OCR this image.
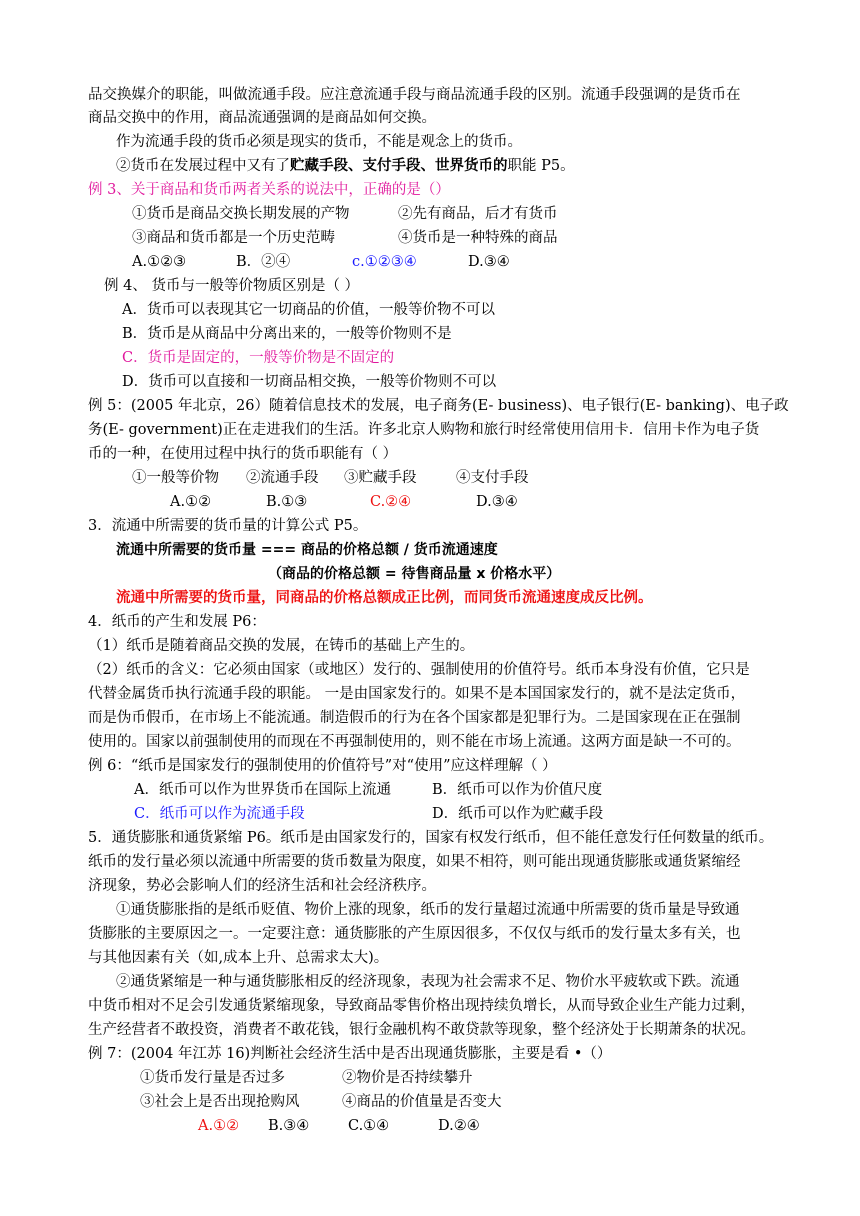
品交换媒介的职能，叫做流通手段。应注意流通手段与商品流通手段的区别。流通手段强调的是货币在
商品交换中的作用，商品流通强调的是商品如何交换。
作为流通手段的货币必须是现实的货币，不能是观念上的货币。
②货币在发展过程中又有了贮藏手段、支付手段、世界货币的职能 P5。
例 3、关于商品和货币两者关系的说法中，正确的是（）
①货币是商品交换长期发展的产物	②先有商品，后才有货币
③商品和货币都是一个历史范畴	④货币是一种特殊的商品
A.①②③	B．②④	c.①②③④	D.③④
例 4、 货币与一般等价物质区别是（ ）
A．货币可以表现其它一切商品的价值，一般等价物不可以
B．货币是从商品中分离出来的，一般等价物则不是
C．货币是固定的，一般等价物是不固定的
D．货币可以直接和一切商品相交换，一般等价物则不可以
例 5：(2005 年北京，26）随着信息技术的发展，电子商务(E- business)、电子银行(E- banking)、电子政
务(E- government)正在走进我们的生活。许多北京人购物和旅行时经常使用信用卡．信用卡作为电子货
币的一种，在使用过程中执行的货币职能有（ ）
①一般等价物 ②流通手段 ③贮藏手段	④支付手段
A.①②	B.①③	C.②④	D.③④
3．流通中所需要的货币量的计算公式 P5。
流通中所需要的货币量 === 商品的价格总额 / 货币流通速度
（商品的价格总额 = 待售商品量 x 价格水平）
流通中所需要的货币量，同商品的价格总额成正比例，而同货币流通速度成反比例。
4．纸币的产生和发展 P6：
（1）纸币是随着商品交换的发展，在铸币的基础上产生的。
（2）纸币的含义：它必须由国家（或地区）发行的、强制使用的价值符号。纸币本身没有价值，它只是
代替金属货币执行流通手段的职能。 一是由国家发行的。如果不是本国国家发行的，就不是法定货币，
而是伪币假币，在市场上不能流通。制造假币的行为在各个国家都是犯罪行为。二是国家现在正在强制
使用的。国家以前强制使用的而现在不再强制使用的，则不能在市场上流通。这两方面是缺一不可的。
例 6：“纸币是国家发行的强制使用的价值符号”对“使用”应这样理解（ ）
A．纸币可以作为世界货币在国际上流通	B．纸币可以作为价值尺度
C．纸币可以作为流通手段	D．纸币可以作为贮藏手段
5．通货膨胀和通货紧缩 P6。纸币是由国家发行的，国家有权发行纸币，但不能任意发行任何数量的纸币。
纸币的发行量必须以流通中所需要的货币数量为限度，如果不相符，则可能出现通货膨胀或通货紧缩经
济现象，势必会影响人们的经济生活和社会经济秩序。
①通货膨胀指的是纸币贬值、物价上涨的现象，纸币的发行量超过流通中所需要的货币量是导致通
货膨胀的主要原因之一。一定要注意：通货膨胀的产生原因很多，不仅仅与纸币的发行量太多有关，也
与其他因素有关（如,成本上升、总需求太大)。
②通货紧缩是一种与通货膨胀相反的经济现象，表现为社会需求不足、物价水平疲软或下跌。流通
中货币相对不足会引发通货紧缩现象，导致商品零售价格出现持续负增长，从而导致企业生产能力过剩，
生产经营者不敢投资，消费者不敢花钱，银行金融机构不敢贷款等现象，整个经济处于长期萧条的状况。
例 7：(2004 年江苏 16)判断社会经济生活中是否出现通货膨胀，主要是看 •（）
①货币发行量是否过多	②物价是否持续攀升
③社会上是否出现抢购风	④商品的价值量是否变大
A.①② B.③④	C.①④	D.②④
